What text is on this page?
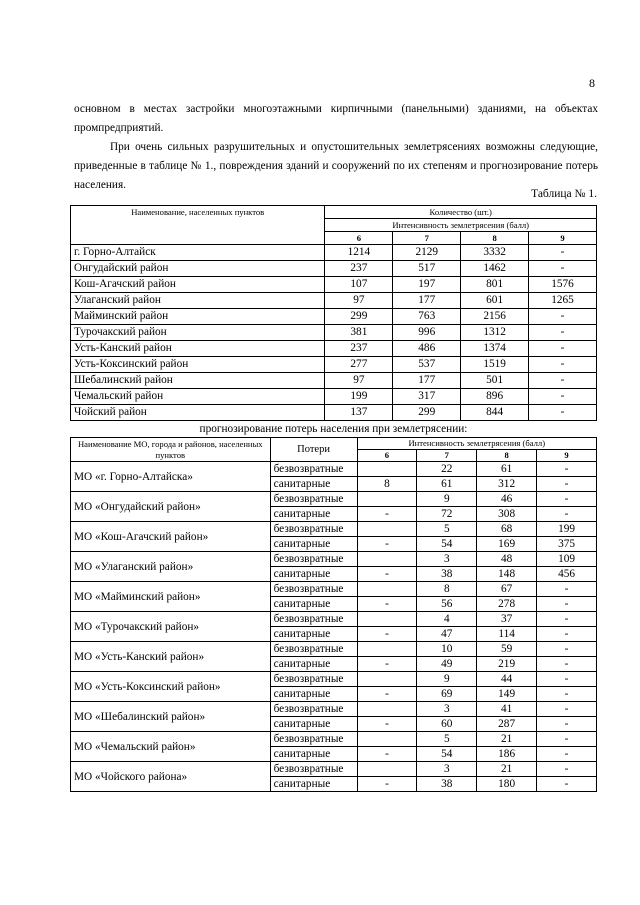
8

основном в местах застройки многоэтажными кирпичными (панельными) зданиями, на объектах промпредприятий.

При очень сильных разрушительных и опустошительных землетрясениях возможны следующие, приведенные в таблице № 1., повреждения зданий и сооружений по их степеням и прогнозирование потерь населения.

Таблица № 1.
Наименование, населенных пунктов	Количество (шт.)			
	Интенсивность землетрясения (балл)			
	6	7	8	9
г. Горно-Алтайск	1214	2129	3332	-
Онгудайский район	237	517	1462	-
Кош-Агачский район	107	197	801	1576
Улаганский район	97	177	601	1265
Майминский район	299	763	2156	-
Турочакский район	381	996	1312	-
Усть-Канский район	237	486	1374	-
Усть-Коксинский район	277	537	1519	-
Шебалинский район	97	177	501	-
Чемальский район	199	317	896	-
Чойский район	137	299	844	-
прогнозирование потерь населения при землетрясении:
Наименование МО, города и районов, населенных пунктов	Потери	Интенсивность землетрясения (балл)			
		6	7	8	9
МО «г. Горно-Алтайска»	безвозвратные		22	61	-
	санитарные	8	61	312	-
МО «Онгудайский район»	безвозвратные		9	46	-
	санитарные	-	72	308	-
МО «Кош-Агачский район»	безвозвратные		5	68	199
	санитарные	-	54	169	375
МО «Улаганский район»	безвозвратные		3	48	109
	санитарные	-	38	148	456
МО «Майминский район»	безвозвратные		8	67	-
	санитарные	-	56	278	-
МО «Турочакский район»	безвозвратные		4	37	-
	санитарные	-	47	114	-
МО «Усть-Канский район»	безвозвратные		10	59	-
	санитарные	-	49	219	-
МО «Усть-Коксинский район»	безвозвратные		9	44	-
	санитарные	-	69	149	-
МО «Шебалинский район»	безвозвратные		3	41	-
	санитарные	-	60	287	-
МО «Чемальский район»	безвозвратные		5	21	-
	санитарные	-	54	186	-
МО «Чойского района»	безвозвратные		3	21	-
	санитарные	-	38	180	-
